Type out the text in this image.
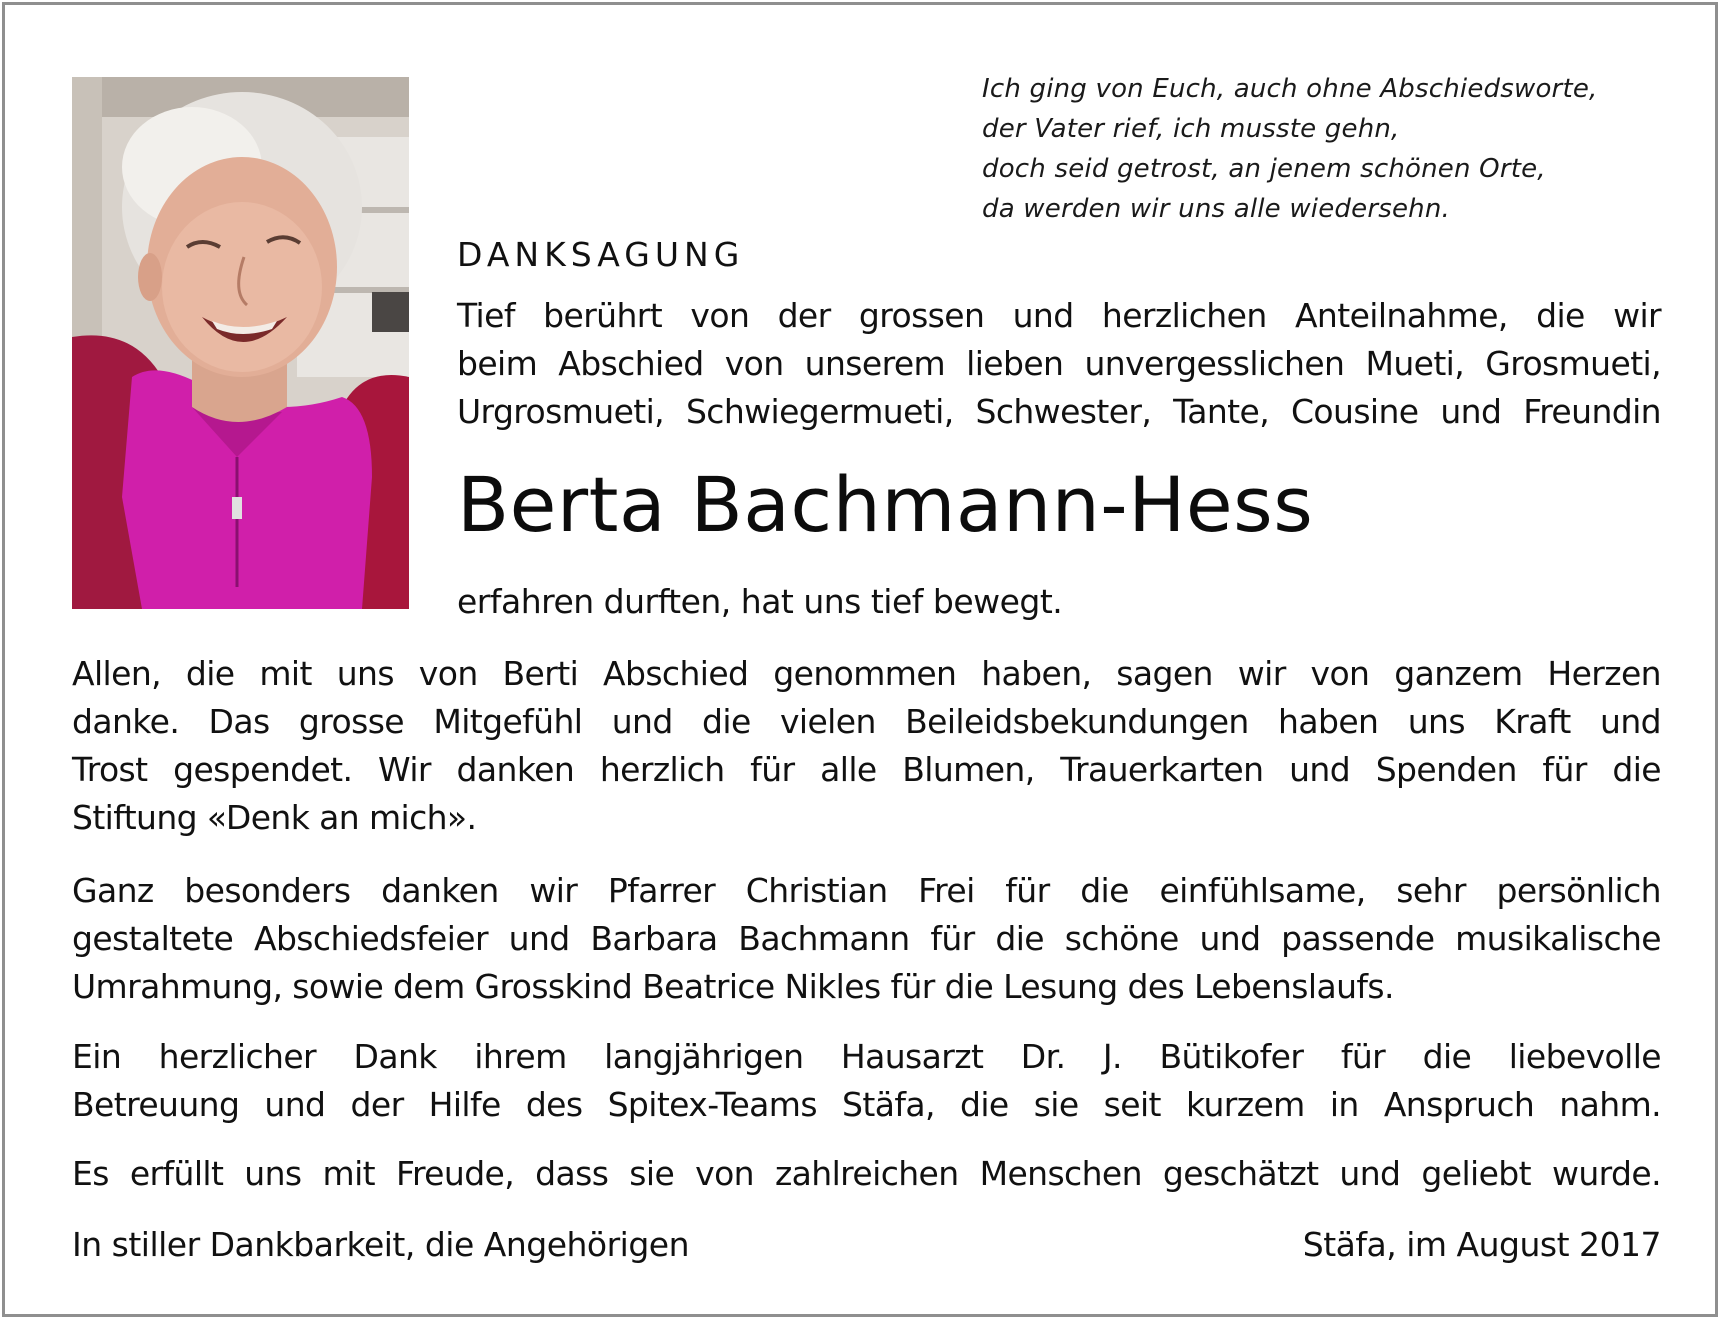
Ich ging von Euch, auch ohne Abschiedsworte,
der Vater rief, ich musste gehn,
doch seid getrost, an jenem schönen Orte,
da werden wir uns alle wiedersehn.
DANKSAGUNG
Tief berührt von der grossen und herzlichen Anteilnahme, die wir
beim Abschied von unserem lieben unvergesslichen Mueti, Grosmueti,
Urgrosmueti, Schwiegermueti, Schwester, Tante, Cousine und Freundin
Berta Bachmann-Hess
erfahren durften, hat uns tief bewegt.
Allen, die mit uns von Berti Abschied genommen haben, sagen wir von ganzem Herzen
danke. Das grosse Mitgefühl und die vielen Beileidsbekundungen haben uns Kraft und
Trost gespendet. Wir danken herzlich für alle Blumen, Trauerkarten und Spenden für die
Stiftung «Denk an mich».
Ganz besonders danken wir Pfarrer Christian Frei für die einfühlsame, sehr persönlich
gestaltete Abschiedsfeier und Barbara Bachmann für die schöne und passende musikalische
Umrahmung, sowie dem Grosskind Beatrice Nikles für die Lesung des Lebenslaufs.
Ein herzlicher Dank ihrem langjährigen Hausarzt Dr. J. Bütikofer für die liebevolle
Betreuung und der Hilfe des Spitex-Teams Stäfa, die sie seit kurzem in Anspruch nahm.
Es erfüllt uns mit Freude, dass sie von zahlreichen Menschen geschätzt und geliebt wurde.
In stiller Dankbarkeit, die Angehörigen	Stäfa, im August 2017
